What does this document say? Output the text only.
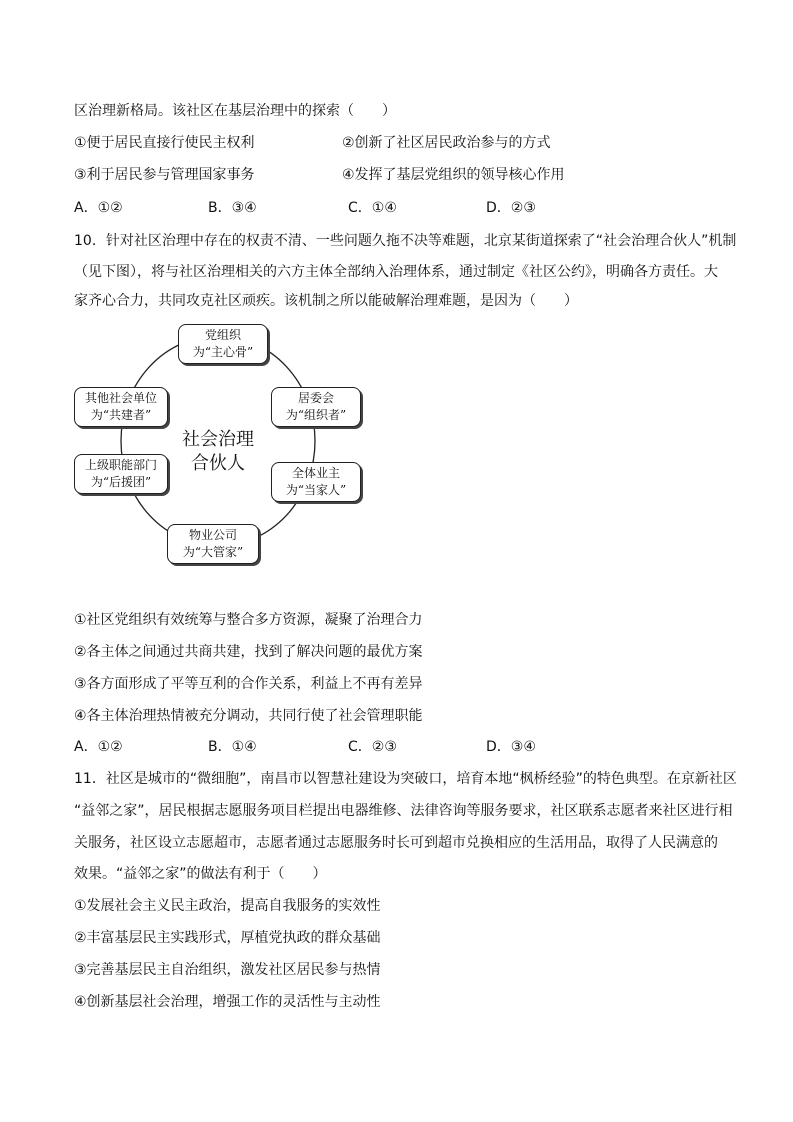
区治理新格局。该社区在基层治理中的探索（　　）
①便于居民直接行使民主权利	②创新了社区居民政治参与的方式
③利于居民参与管理国家事务	④发挥了基层党组织的领导核心作用
A．①②	B．③④	C．①④	D．②③
10．针对社区治理中存在的权责不清、一些问题久拖不决等难题，北京某街道探索了“社会治理合伙人”机制
（见下图），将与社区治理相关的六方主体全部纳入治理体系，通过制定《社区公约》，明确各方责任。大
家齐心合力，共同攻克社区顽疾。该机制之所以能破解治理难题，是因为（　　）
社会治理
合伙人
党组织
为“主心骨”
居委会
为“组织者”
全体业主
为“当家人”
物业公司
为“大管家”
上级职能部门
为“后援团”
其他社会单位
为“共建者”
①社区党组织有效统筹与整合多方资源，凝聚了治理合力
②各主体之间通过共商共建，找到了解决问题的最优方案
③各方面形成了平等互利的合作关系，利益上不再有差异
④各主体治理热情被充分调动，共同行使了社会管理职能
A．①②	B．①④	C．②③	D．③④
11．社区是城市的“微细胞”，南昌市以智慧社建设为突破口，培育本地“枫桥经验”的特色典型。在京新社区
“益邻之家”，居民根据志愿服务项目栏提出电器维修、法律咨询等服务要求，社区联系志愿者来社区进行相
关服务，社区设立志愿超市，志愿者通过志愿服务时长可到超市兑换相应的生活用品，取得了人民满意的
效果。“益邻之家”的做法有利于（　　）
①发展社会主义民主政治，提高自我服务的实效性
②丰富基层民主实践形式，厚植党执政的群众基础
③完善基层民主自治组织，激发社区居民参与热情
④创新基层社会治理，增强工作的灵活性与主动性
